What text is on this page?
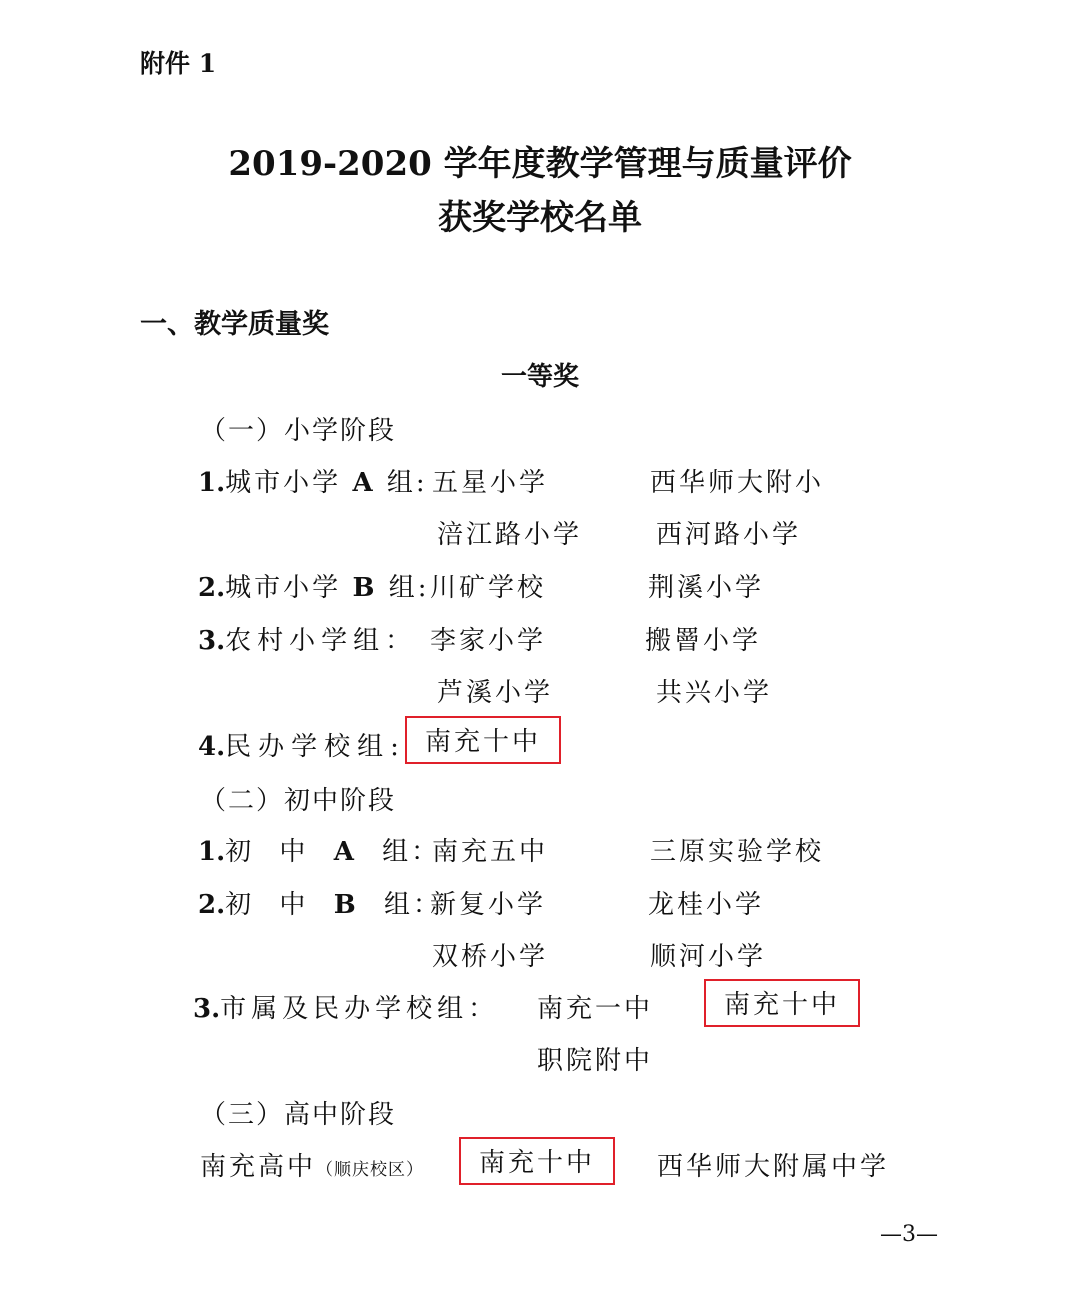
附件 1
2019-2020 学年度教学管理与质量评价
获奖学校名单
一、教学质量奖
一等奖
（一）小学阶段
1.城市小学 A 组: 五星小学	西华师大附小
涪江路小学	西河路小学
2.城市小学 B 组: 川矿学校	荆溪小学
3.农村小学组： 李家小学	搬罾小学
芦溪小学	共兴小学
4.民办学校组: 南充十中
（二）初中阶段
1.初 中 A 组：
南充五中	三原实验学校
2.初 中 B 组：
新复小学	龙桂小学
双桥小学	顺河小学
3.市属及民办学校组： 南充一中	南充十中
职院附中
（三）高中阶段
南充高中（顺庆校区）	南充十中	西华师大附属中学
—3—
